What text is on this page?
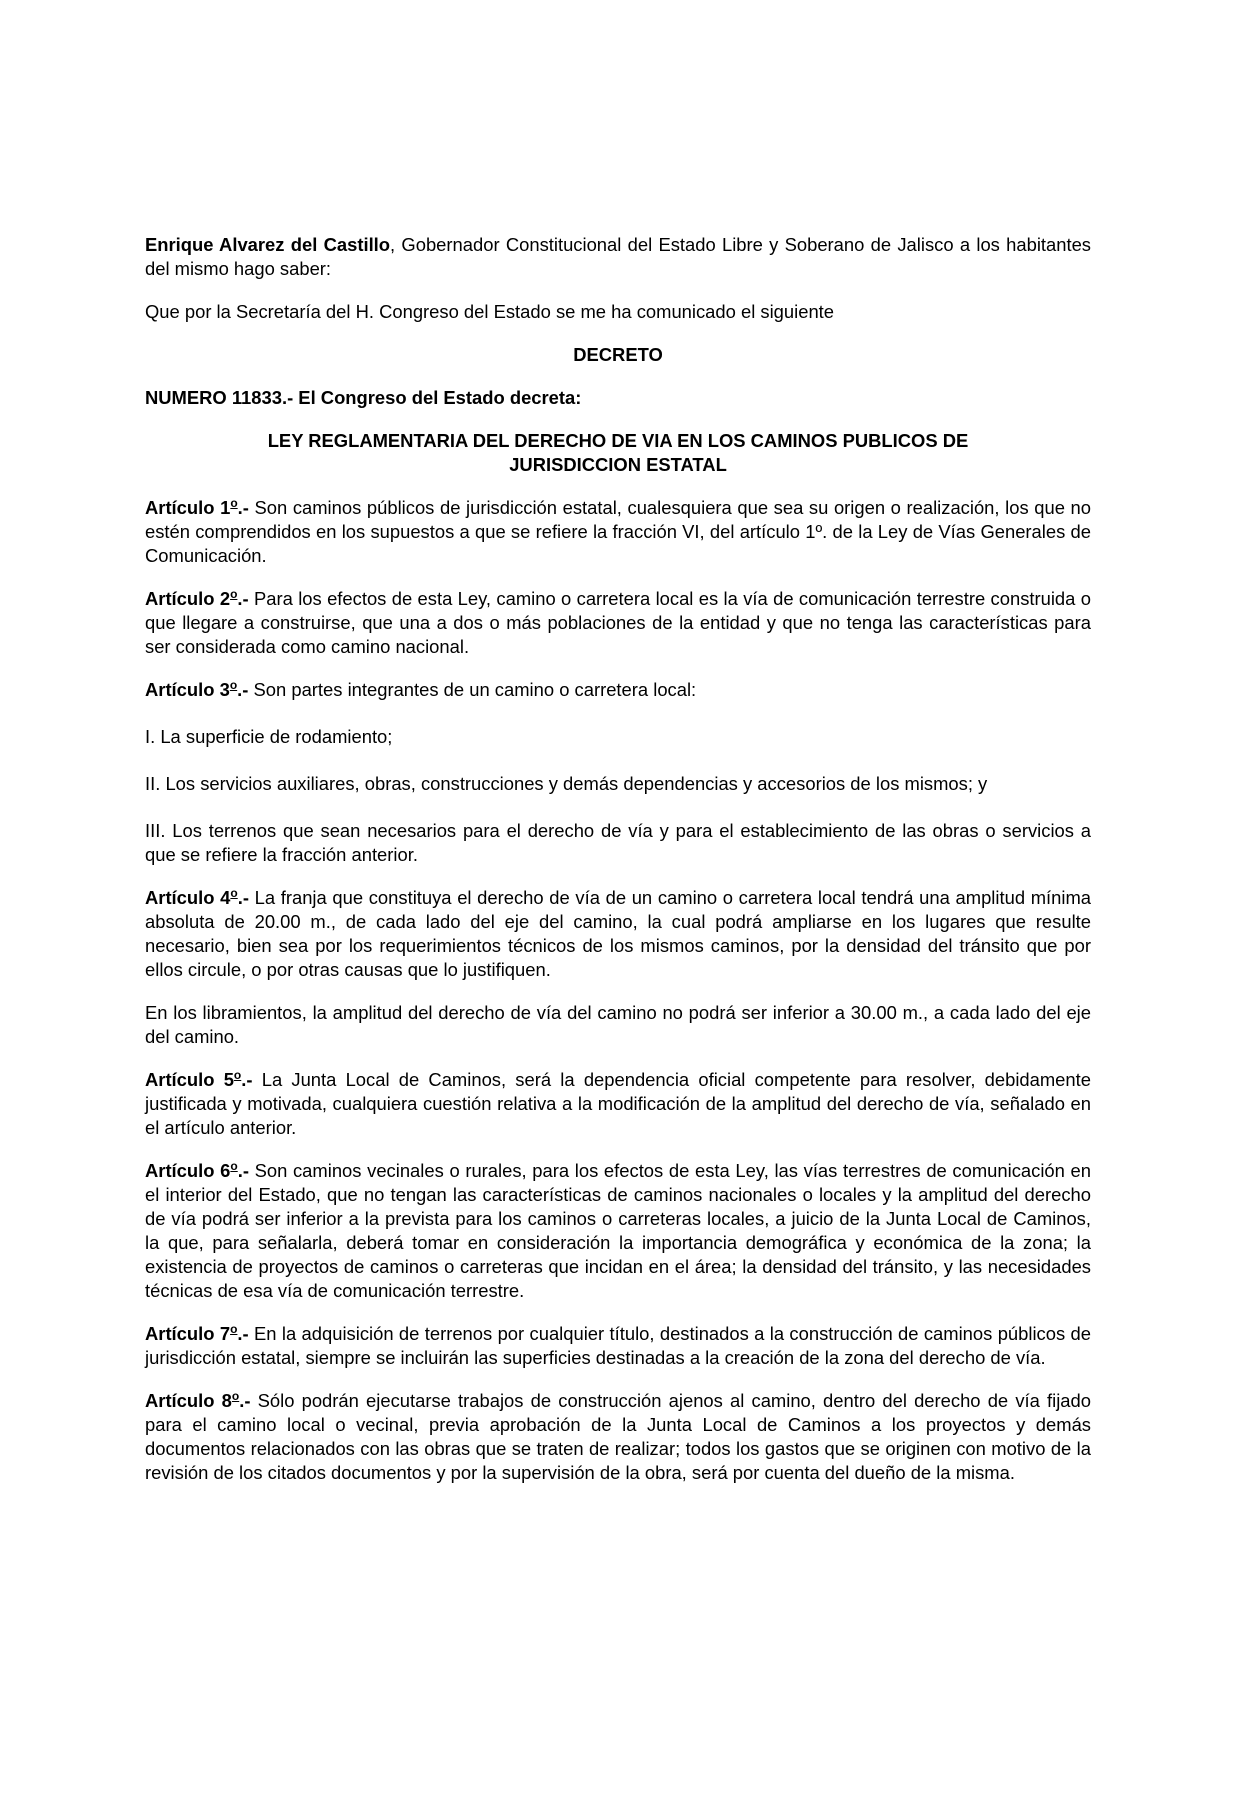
Enrique Alvarez del Castillo, Gobernador Constitucional del Estado Libre y Soberano de Jalisco a los habitantes del mismo hago saber:

Que por la Secretaría del H. Congreso del Estado se me ha comunicado el siguiente

DECRETO

NUMERO 11833.- El Congreso del Estado decreta:

LEY REGLAMENTARIA DEL DERECHO DE VIA EN LOS CAMINOS PUBLICOS DE
JURISDICCION ESTATAL

Artículo 1$^o$.- Son caminos públicos de jurisdicción estatal, cualesquiera que sea su origen o realización, los que no estén comprendidos en los supuestos a que se refiere la fracción VI, del artículo 1º. de la Ley de Vías Generales de Comunicación.

Artículo 2$^o$.- Para los efectos de esta Ley, camino o carretera local es la vía de comunicación terrestre construida o que llegare a construirse, que una a dos o más poblaciones de la entidad y que no tenga las características para ser considerada como camino nacional.

Artículo 3$^o$.- Son partes integrantes de un camino o carretera local:

I. La superficie de rodamiento;

II. Los servicios auxiliares, obras, construcciones y demás dependencias y accesorios de los mismos; y

III. Los terrenos que sean necesarios para el derecho de vía y para el establecimiento de las obras o servicios a que se refiere la fracción anterior.

Artículo 4$^o$.- La franja que constituya el derecho de vía de un camino o carretera local tendrá una amplitud mínima absoluta de 20.00 m., de cada lado del eje del camino, la cual podrá ampliarse en los lugares que resulte necesario, bien sea por los requerimientos técnicos de los mismos caminos, por la densidad del tránsito que por ellos circule, o por otras causas que lo justifiquen.

En los libramientos, la amplitud del derecho de vía del camino no podrá ser inferior a 30.00 m., a cada lado del eje del camino.

Artículo 5$^o$.- La Junta Local de Caminos, será la dependencia oficial competente para resolver, debidamente justificada y motivada, cualquiera cuestión relativa a la modificación de la amplitud del derecho de vía, señalado en el artículo anterior.

Artículo 6$^o$.- Son caminos vecinales o rurales, para los efectos de esta Ley, las vías terrestres de comunicación en el interior del Estado, que no tengan las características de caminos nacionales o locales y la amplitud del derecho de vía podrá ser inferior a la prevista para los caminos o carreteras locales, a juicio de la Junta Local de Caminos, la que, para señalarla, deberá tomar en consideración la importancia demográfica y económica de la zona; la existencia de proyectos de caminos o carreteras que incidan en el área; la densidad del tránsito, y las necesidades técnicas de esa vía de comunicación terrestre.

Artículo 7$^o$.- En la adquisición de terrenos por cualquier título, destinados a la construcción de caminos públicos de jurisdicción estatal, siempre se incluirán las superficies destinadas a la creación de la zona del derecho de vía.

Artículo 8$^o$.- Sólo podrán ejecutarse trabajos de construcción ajenos al camino, dentro del derecho de vía fijado para el camino local o vecinal, previa aprobación de la Junta Local de Caminos a los proyectos y demás documentos relacionados con las obras que se traten de realizar; todos los gastos que se originen con motivo de la revisión de los citados documentos y por la supervisión de la obra, será por cuenta del dueño de la misma.
